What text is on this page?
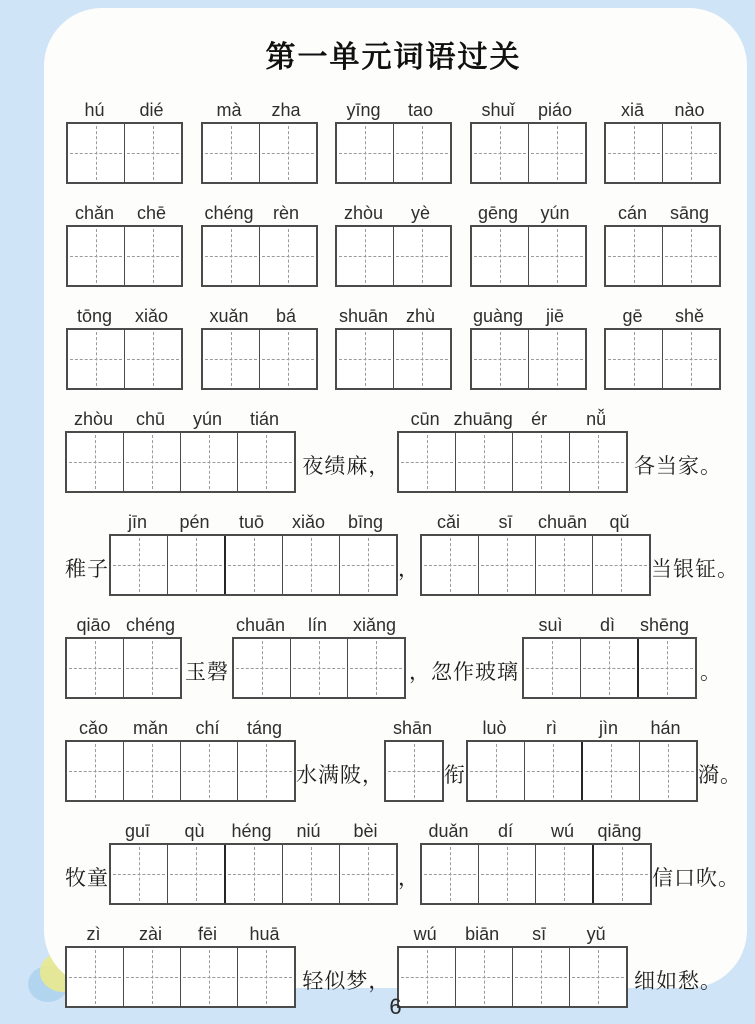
第一单元词语过关
hú	dié	mà	zha	yīng	tao	shuǐ	piáo	xiā	nào
chǎn	chē	chéng	rèn	zhòu	yè	gēng	yún	cán	sāng
tōng	xiǎo	xuǎn	bá	shuān zhù	guàng	jiē	gē	shě
zhòu	chū	yún	tián
夜绩麻，
cūn zhuāng	ér	nǚ
各当家。
稚子
jīn	pén	tuō	xiǎo	bīng
，
cǎi	sī	chuān	qǔ
当银钲。
qiāo chéng
玉磬
chuān	lín	xiǎng
，忽作玻璃
suì	dì	shēng
。
cǎo	mǎn	chí	táng
水满陂，
shān
衔
luò	rì	jìn	hán
漪。
牧童
guī	qù	héng	niú	bèi
，
duǎn	dí	wú	qiāng
信口吹。
zì	zài	fēi	huā
轻似梦，
wú	biān	sī	yǔ
细如愁。
6
